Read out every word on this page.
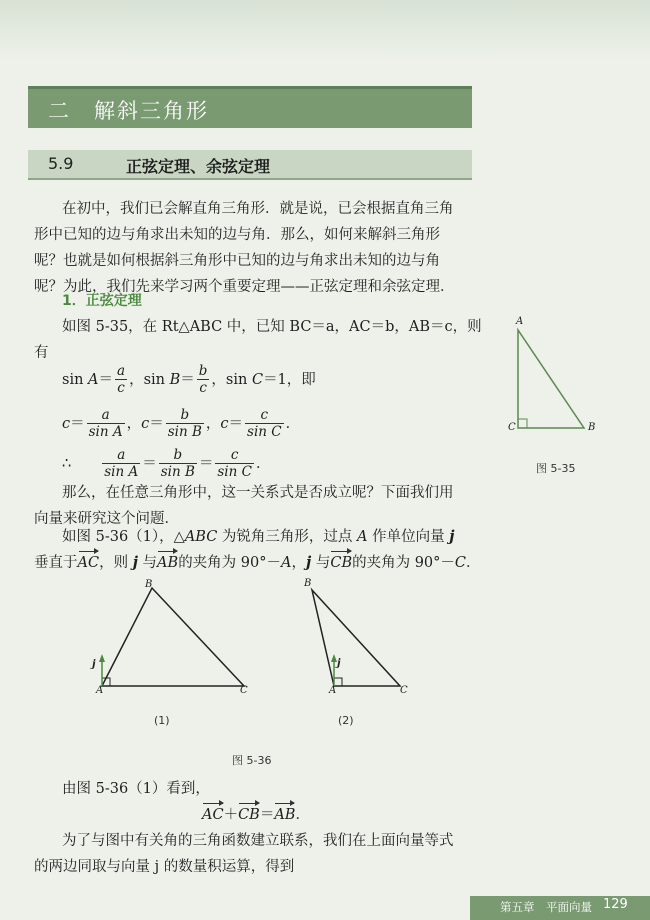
二　解斜三角形
5.9	正弦定理、余弦定理
在初中，我们已会解直角三角形．就是说，已会根据直角三角
形中已知的边与角求出未知的边与角．那么，如何来解斜三角形
呢？也就是如何根据斜三角形中已知的边与角求出未知的边与角
呢？为此，我们先来学习两个重要定理——正弦定理和余弦定理．
1．正弦定理
如图 5-35，在 Rt△ABC 中，已知 BC＝a，AC＝b，AB＝c，则
有
$\sin A= \frac{a}{c}$ ，$\sin B= \frac{b}{c}$ ，sin C＝1，即
$c= \frac{a}{\text{sin A}}$ ，$c= \frac{b}{\text{sin B}}$ ，$c= \frac{c}{\text{sin C}}$ ．
∴　　 $\frac{a}{\text{sin A}} = \frac{b}{\text{sin B}} = \frac{c}{\text{sin C}}$ ．
A
C	B
图 5-35
那么，在任意三角形中，这一关系式是否成立呢？下面我们用
向量来研究这个问题．
如图 5-36（1），△ABC 为锐角三角形，过点 A 作单位向量 j
垂直于AC，则 j 与AB的夹角为 90°－A，j 与CB的夹角为 90°－C．
B
A	C
j
(1)
B
A	C
j
(2)
图 5-36
由图 5-36（1）看到，
AC＋CB＝AB．
为了与图中有关角的三角函数建立联系，我们在上面向量等式
的两边同取与向量 j 的数量积运算，得到
第五章　平面向量 129
